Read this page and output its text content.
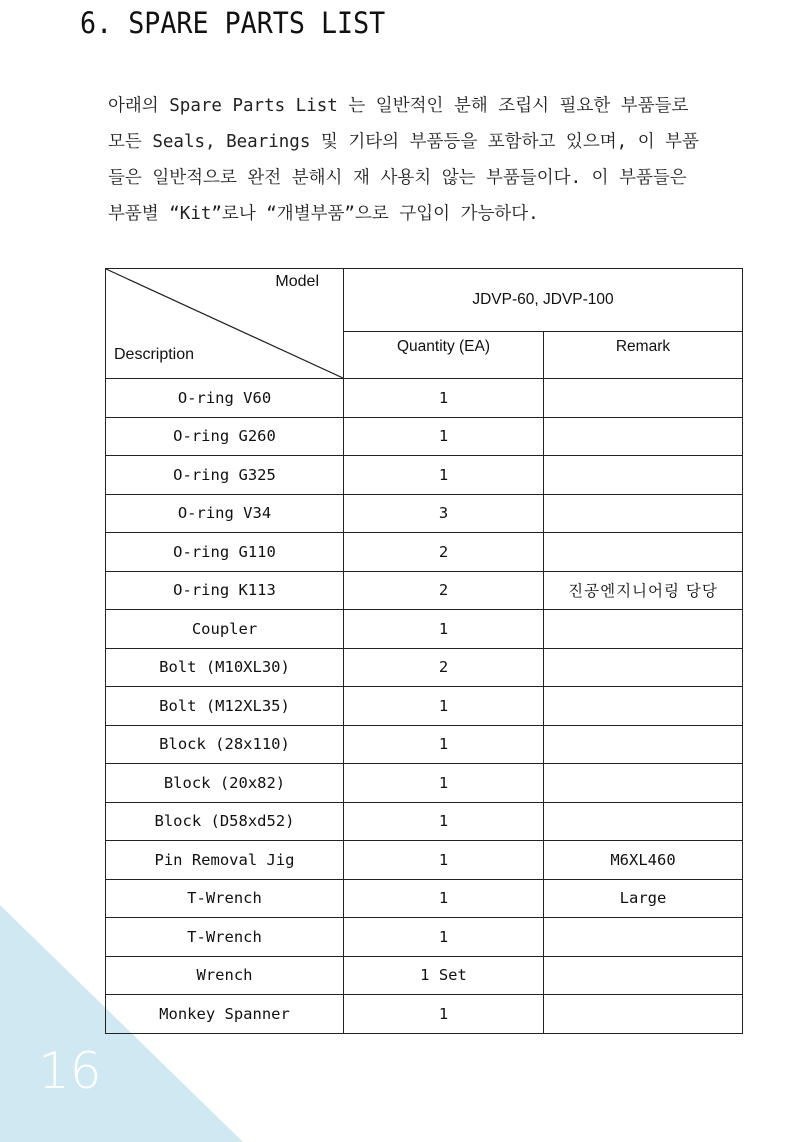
16
6. SPARE PARTS LIST

아래의 Spare Parts List 는 일반적인 분해 조립시 필요한 부품들로

모든 Seals, Bearings 및 기타의 부품등을 포함하고 있으며, 이 부품

들은 일반적으로 완전 분해시 재 사용치 않는 부품들이다. 이 부품들은

부품별 “Kit”로나 “개별부품”으로 구입이 가능하다.

Model
Description	JDVP-60, JDVP-100	
	Quantity (EA)	Remark
O-ring V60	1	
O-ring G260	1	
O-ring G325	1	
O-ring V34	3	
O-ring G110	2	
O-ring K113	2	진공엔지니어링 당당
Coupler	1	
Bolt (M10XL30)	2	
Bolt (M12XL35)	1	
Block (28x110)	1	
Block (20x82)	1	
Block (D58xd52)	1	
Pin Removal Jig	1	M6XL460
T-Wrench	1	Large
T-Wrench	1	
Wrench	1 Set	
Monkey Spanner	1	
